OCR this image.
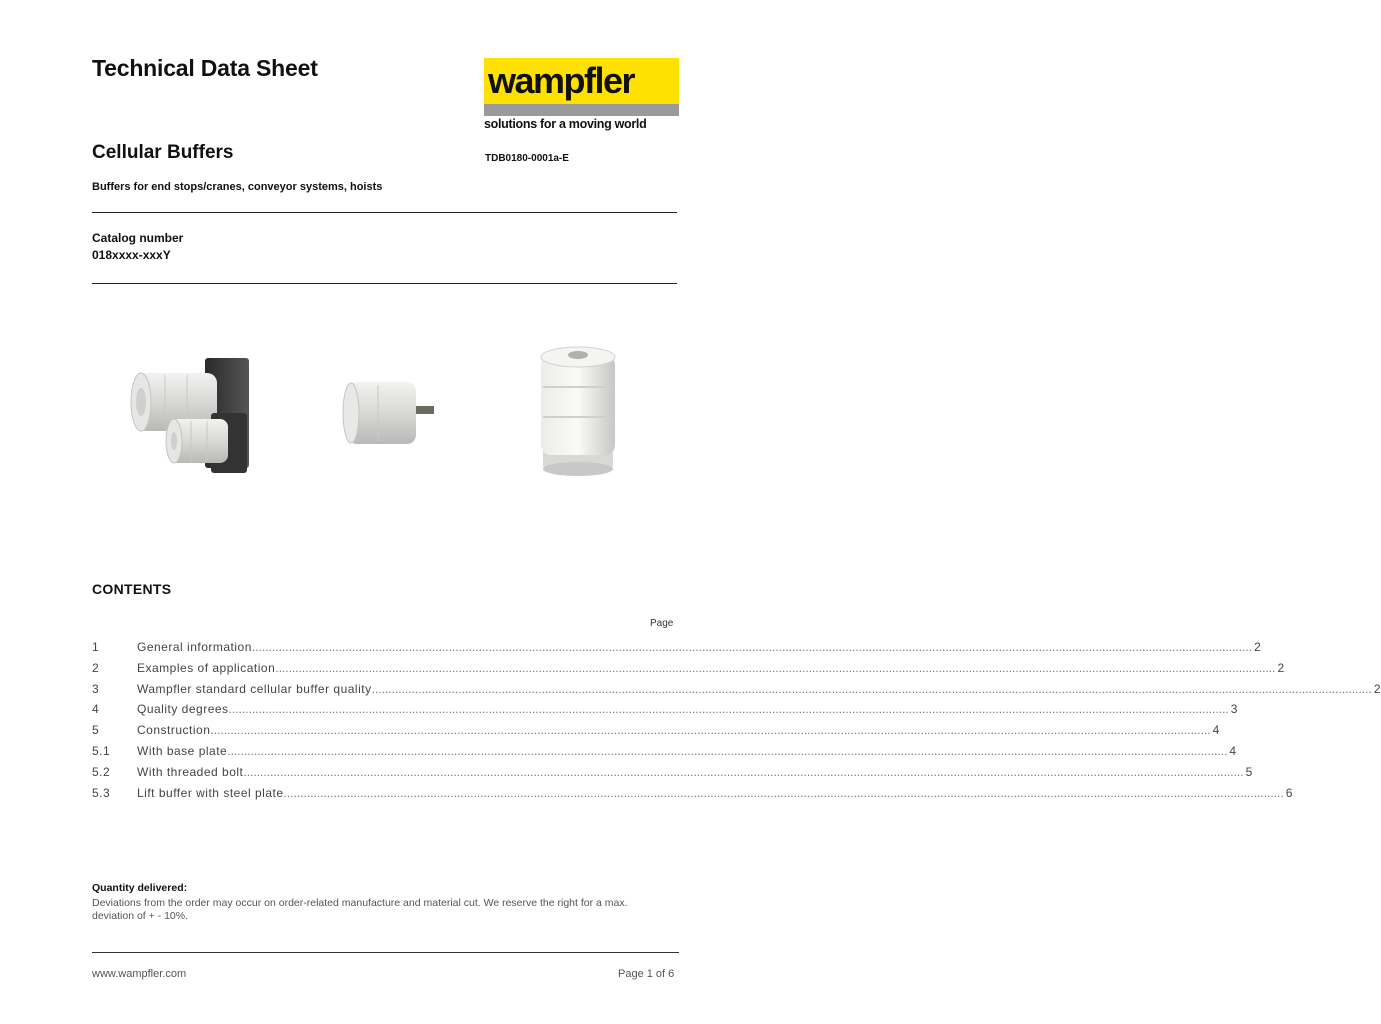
Technical Data Sheet	wampfler
solutions for a moving world
Cellular Buffers	TDB0180-0001a-E
Buffers for end stops/cranes, conveyor systems, hoists
Catalog number
018xxxx-xxxY
CONTENTS
Page
1	General information ............................................................................................................................................................................................................................................................................................................ 2
2	Examples of application ............................................................................................................................................................................................................................................................................................................ 2
3	Wampfler standard cellular buffer quality ............................................................................................................................................................................................................................................................................................................ 2
4	Quality degrees ............................................................................................................................................................................................................................................................................................................ 3
5	Construction ............................................................................................................................................................................................................................................................................................................ 4
5.1	With base plate ............................................................................................................................................................................................................................................................................................................ 4
5.2	With threaded bolt ............................................................................................................................................................................................................................................................................................................ 5
5.3	Lift buffer with steel plate ............................................................................................................................................................................................................................................................................................................ 6
Quantity delivered:
Deviations from the order may occur on order-related manufacture and material cut. We reserve the right for a max. deviation of + - 10%.
www.wampfler.com	Page 1 of 6
